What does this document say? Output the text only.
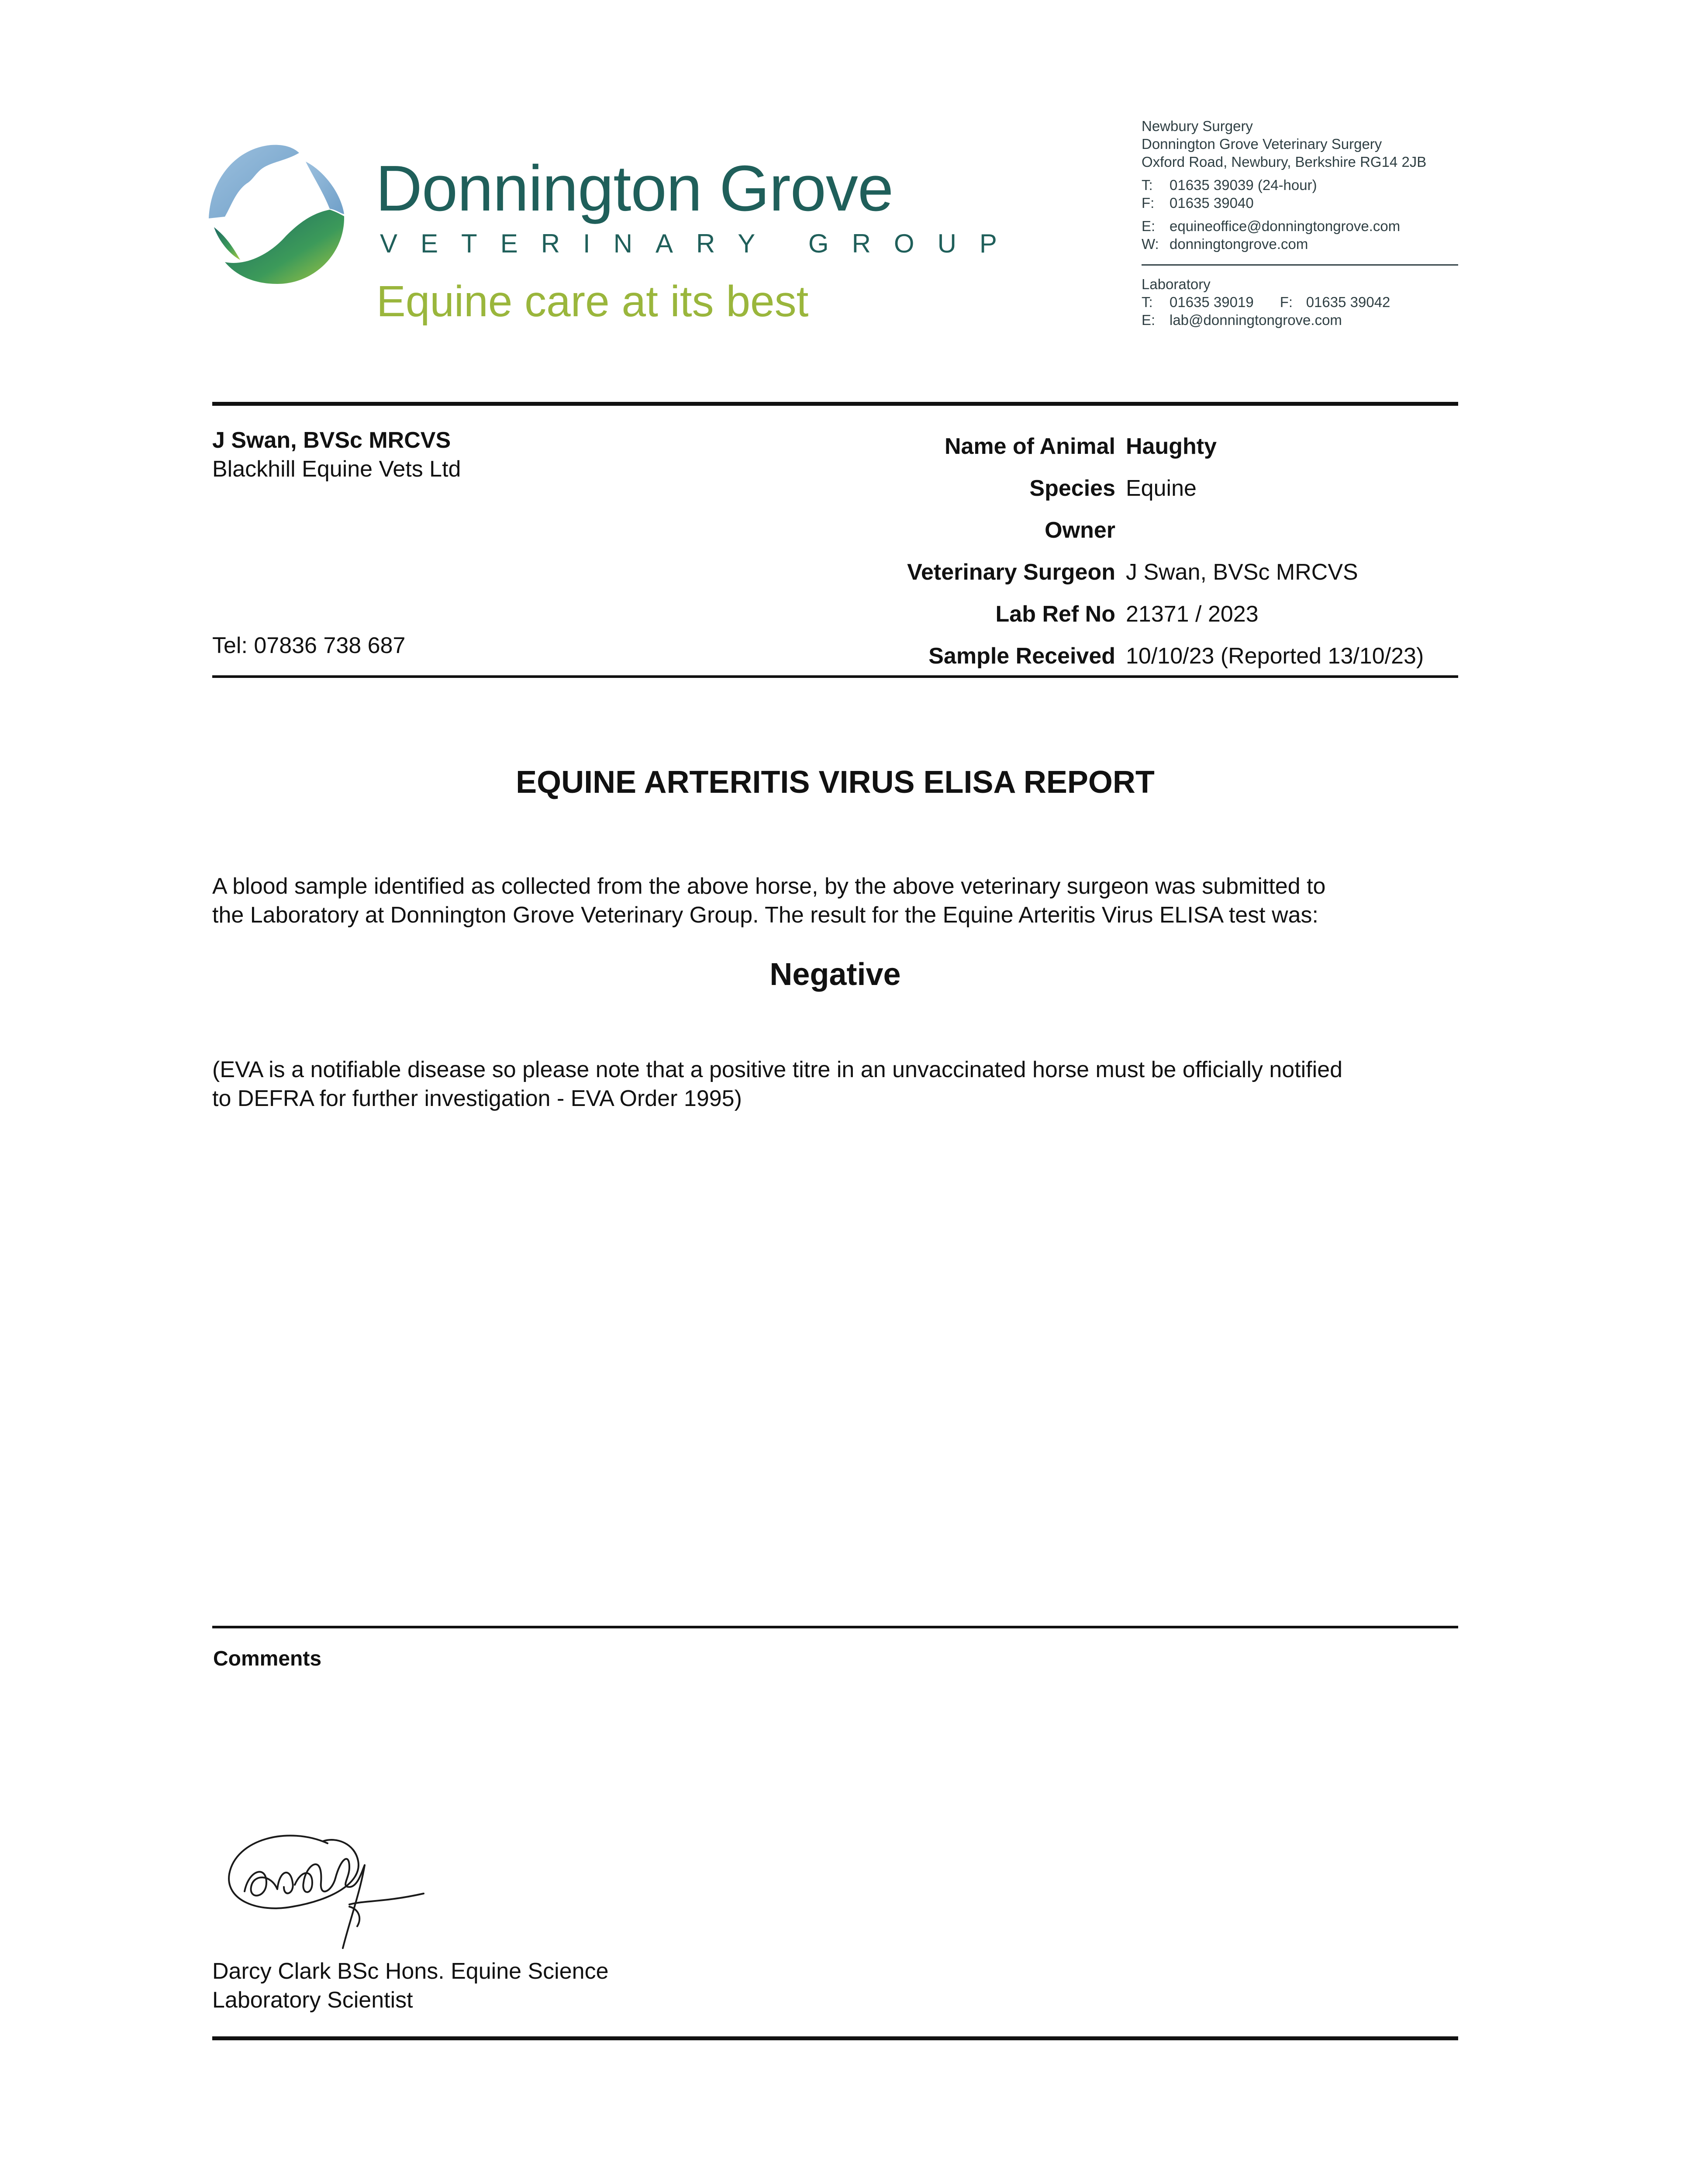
Donnington Grove
VETERINARY GROUP
Equine care at its best
Newbury Surgery
Donnington Grove Veterinary Surgery
Oxford Road, Newbury, Berkshire RG14 2JB
T:	01635 39039 (24-hour)
F:	01635 39040
E: equineoffice@donningtongrove.com
W: donningtongrove.com
Laboratory
T:	01635 39019 F: 01635 39042
E: lab@donningtongrove.com
J Swan, BVSc MRCVS
Blackhill Equine Vets Ltd
Tel: 07836 738 687
Name of Animal Haughty
Species Equine
Owner
Veterinary Surgeon J Swan, BVSc MRCVS
Lab Ref No 21371 / 2023
Sample Received 10/10/23 (Reported 13/10/23)
EQUINE ARTERITIS VIRUS ELISA REPORT
A blood sample identified as collected from the above horse, by the above veterinary surgeon was submitted to
the Laboratory at Donnington Grove Veterinary Group. The result for the Equine Arteritis Virus ELISA test was:
Negative
(EVA is a notifiable disease so please note that a positive titre in an unvaccinated horse must be officially notified
to DEFRA for further investigation - EVA Order 1995)
Comments
Darcy Clark BSc Hons. Equine Science
Laboratory Scientist
